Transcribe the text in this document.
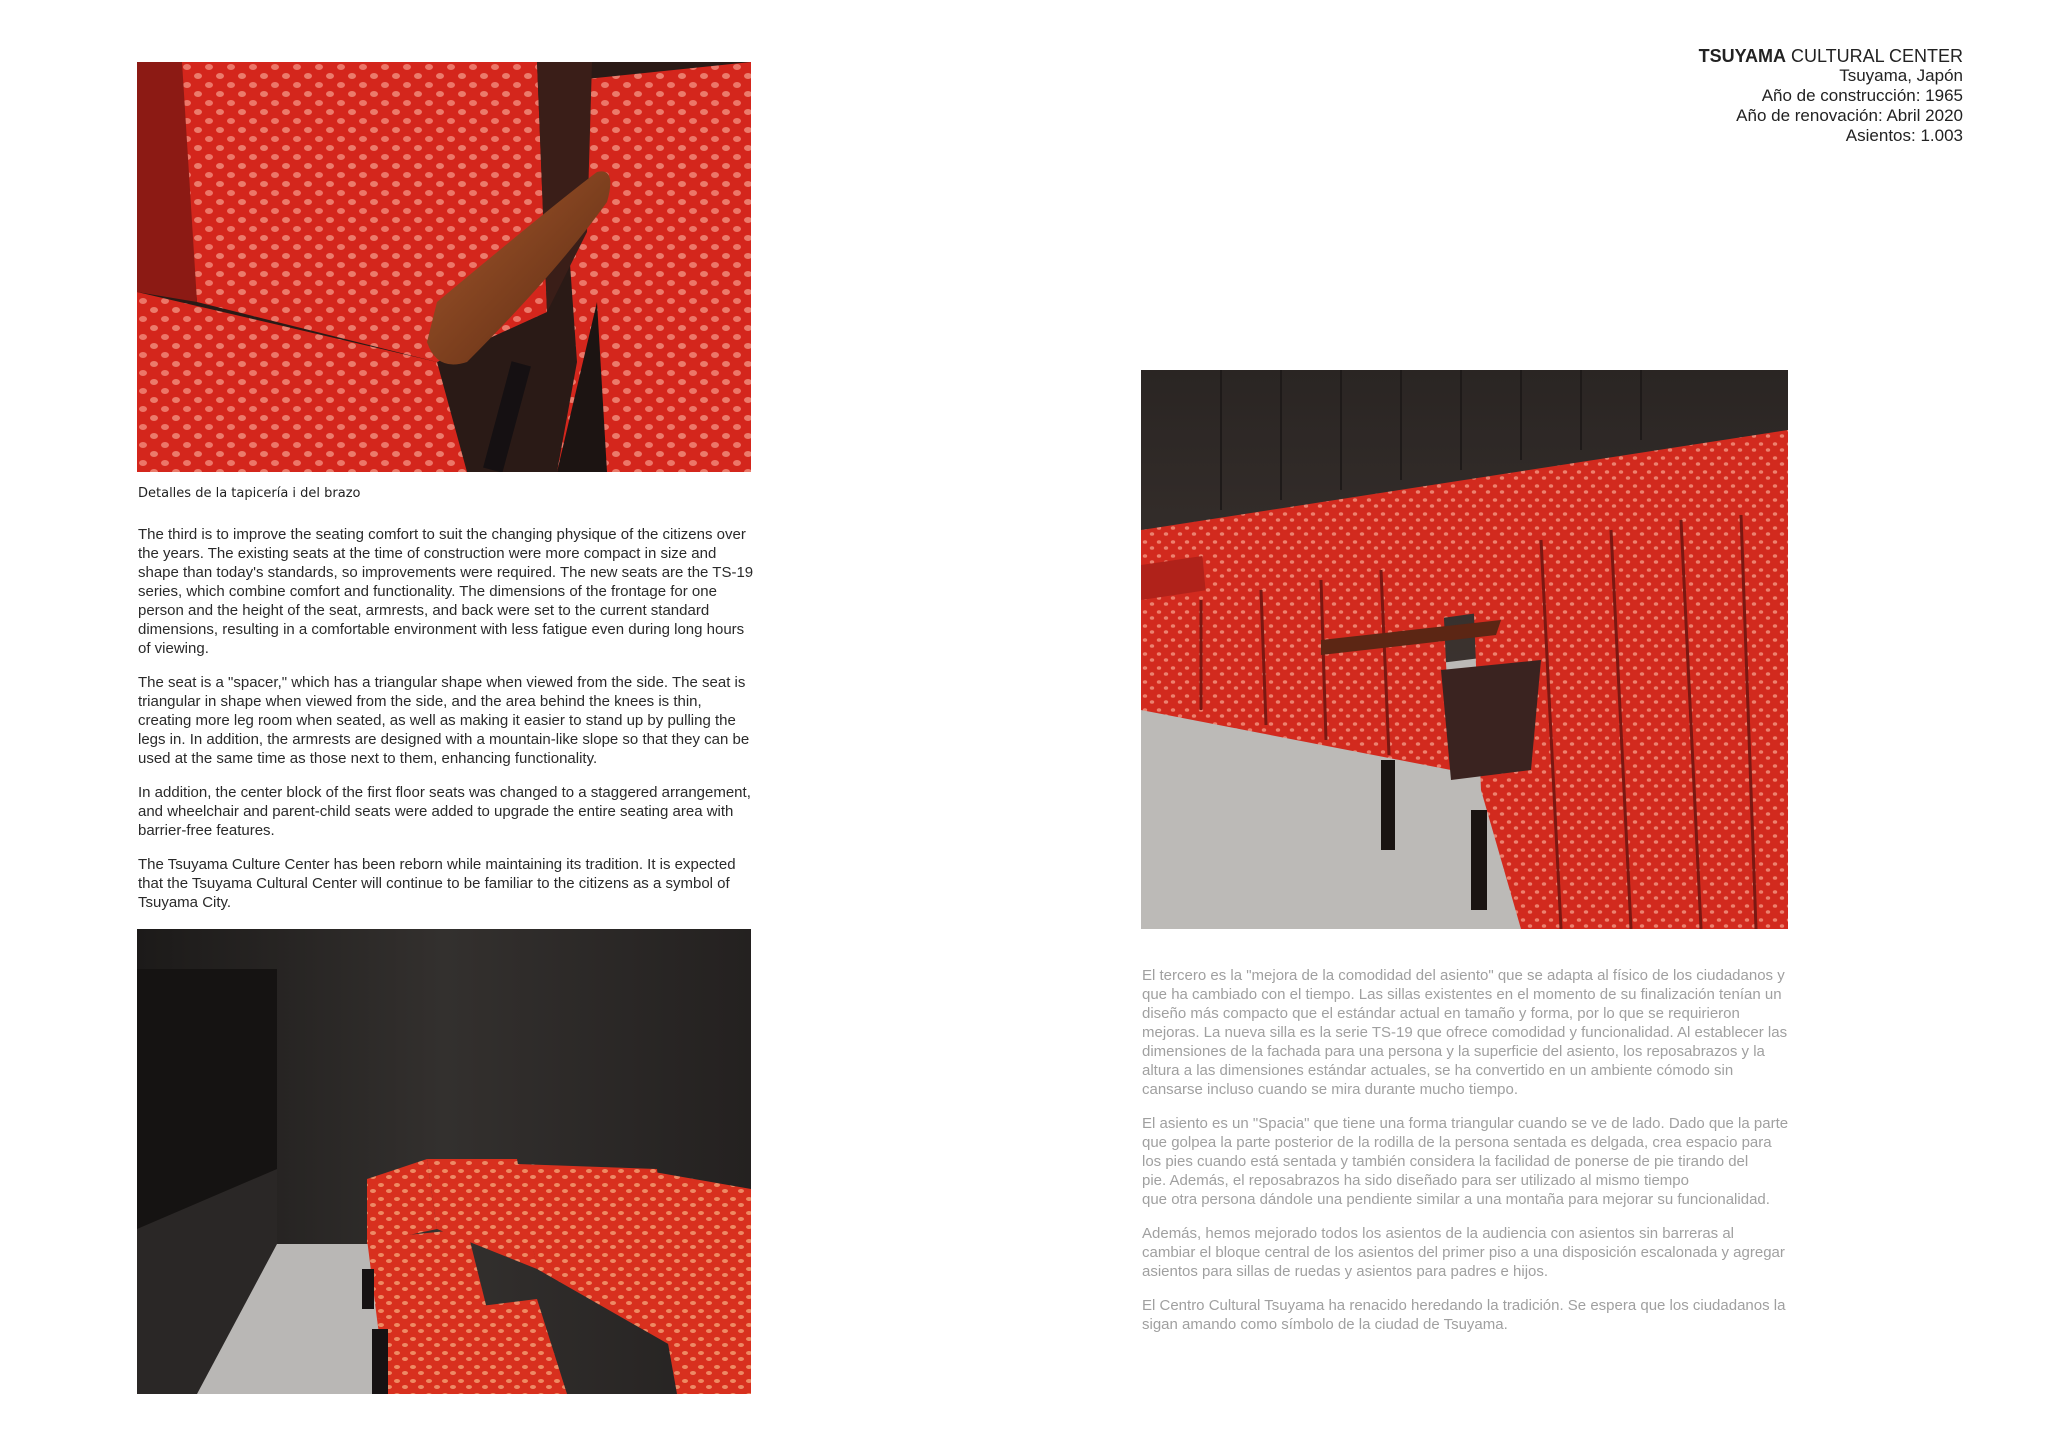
Detalles de la tapicería i del brazo

The third is to improve the seating comfort to suit the changing physique of the citizens over the years. The existing seats at the time of construction were more compact in size and shape than today's standards, so improvements were required. The new seats are the TS-19 series, which combine comfort and functionality. The dimensions of the frontage for one person and the height of the seat, armrests, and back were set to the current standard dimensions, resulting in a comfortable environment with less fatigue even during long hours of viewing.

The seat is a "spacer," which has a triangular shape when viewed from the side. The seat is triangular in shape when viewed from the side, and the area behind the knees is thin, creating more leg room when seated, as well as making it easier to stand up by pulling the legs in. In addition, the armrests are designed with a mountain-like slope so that they can be used at the same time as those next to them, enhancing functionality.

In addition, the center block of the first floor seats was changed to a staggered arrangement, and wheelchair and parent-child seats were added to upgrade the entire seating area with barrier-free features.

The Tsuyama Culture Center has been reborn while maintaining its tradition. It is expected that the Tsuyama Cultural Center will continue to be familiar to the citizens as a symbol of Tsuyama City.

TSUYAMA CULTURAL CENTER
Tsuyama, Japón
Año de construcción: 1965
Año de renovación: Abril 2020
Asientos: 1.003

El tercero es la "mejora de la comodidad del asiento" que se adapta al físico de los ciudadanos y que ha cambiado con el tiempo. Las sillas existentes en el momento de su finalización tenían un diseño más compacto que el estándar actual en tamaño y forma, por lo que se requirieron mejoras. La nueva silla es la serie TS-19 que ofrece comodidad y funcionalidad. Al establecer las dimensiones de la fachada para una persona y la superficie del asiento, los reposabrazos y la altura a las dimensiones estándar actuales, se ha convertido en un ambiente cómodo sin cansarse incluso cuando se mira durante mucho tiempo.

El asiento es un "Spacia" que tiene una forma triangular cuando se ve de lado. Dado que la parte que golpea la parte posterior de la rodilla de la persona sentada es delgada, crea espacio para los pies cuando está sentada y también considera la facilidad de ponerse de pie tirando del
pie. Además, el reposabrazos ha sido diseñado para ser utilizado al mismo tiempo
que otra persona dándole una pendiente similar a una montaña para mejorar su funcionalidad.

Además, hemos mejorado todos los asientos de la audiencia con asientos sin barreras al cambiar el bloque central de los asientos del primer piso a una disposición escalonada y agregar asientos para sillas de ruedas y asientos para padres e hijos.

El Centro Cultural Tsuyama ha renacido heredando la tradición. Se espera que los ciudadanos la sigan amando como símbolo de la ciudad de Tsuyama.
